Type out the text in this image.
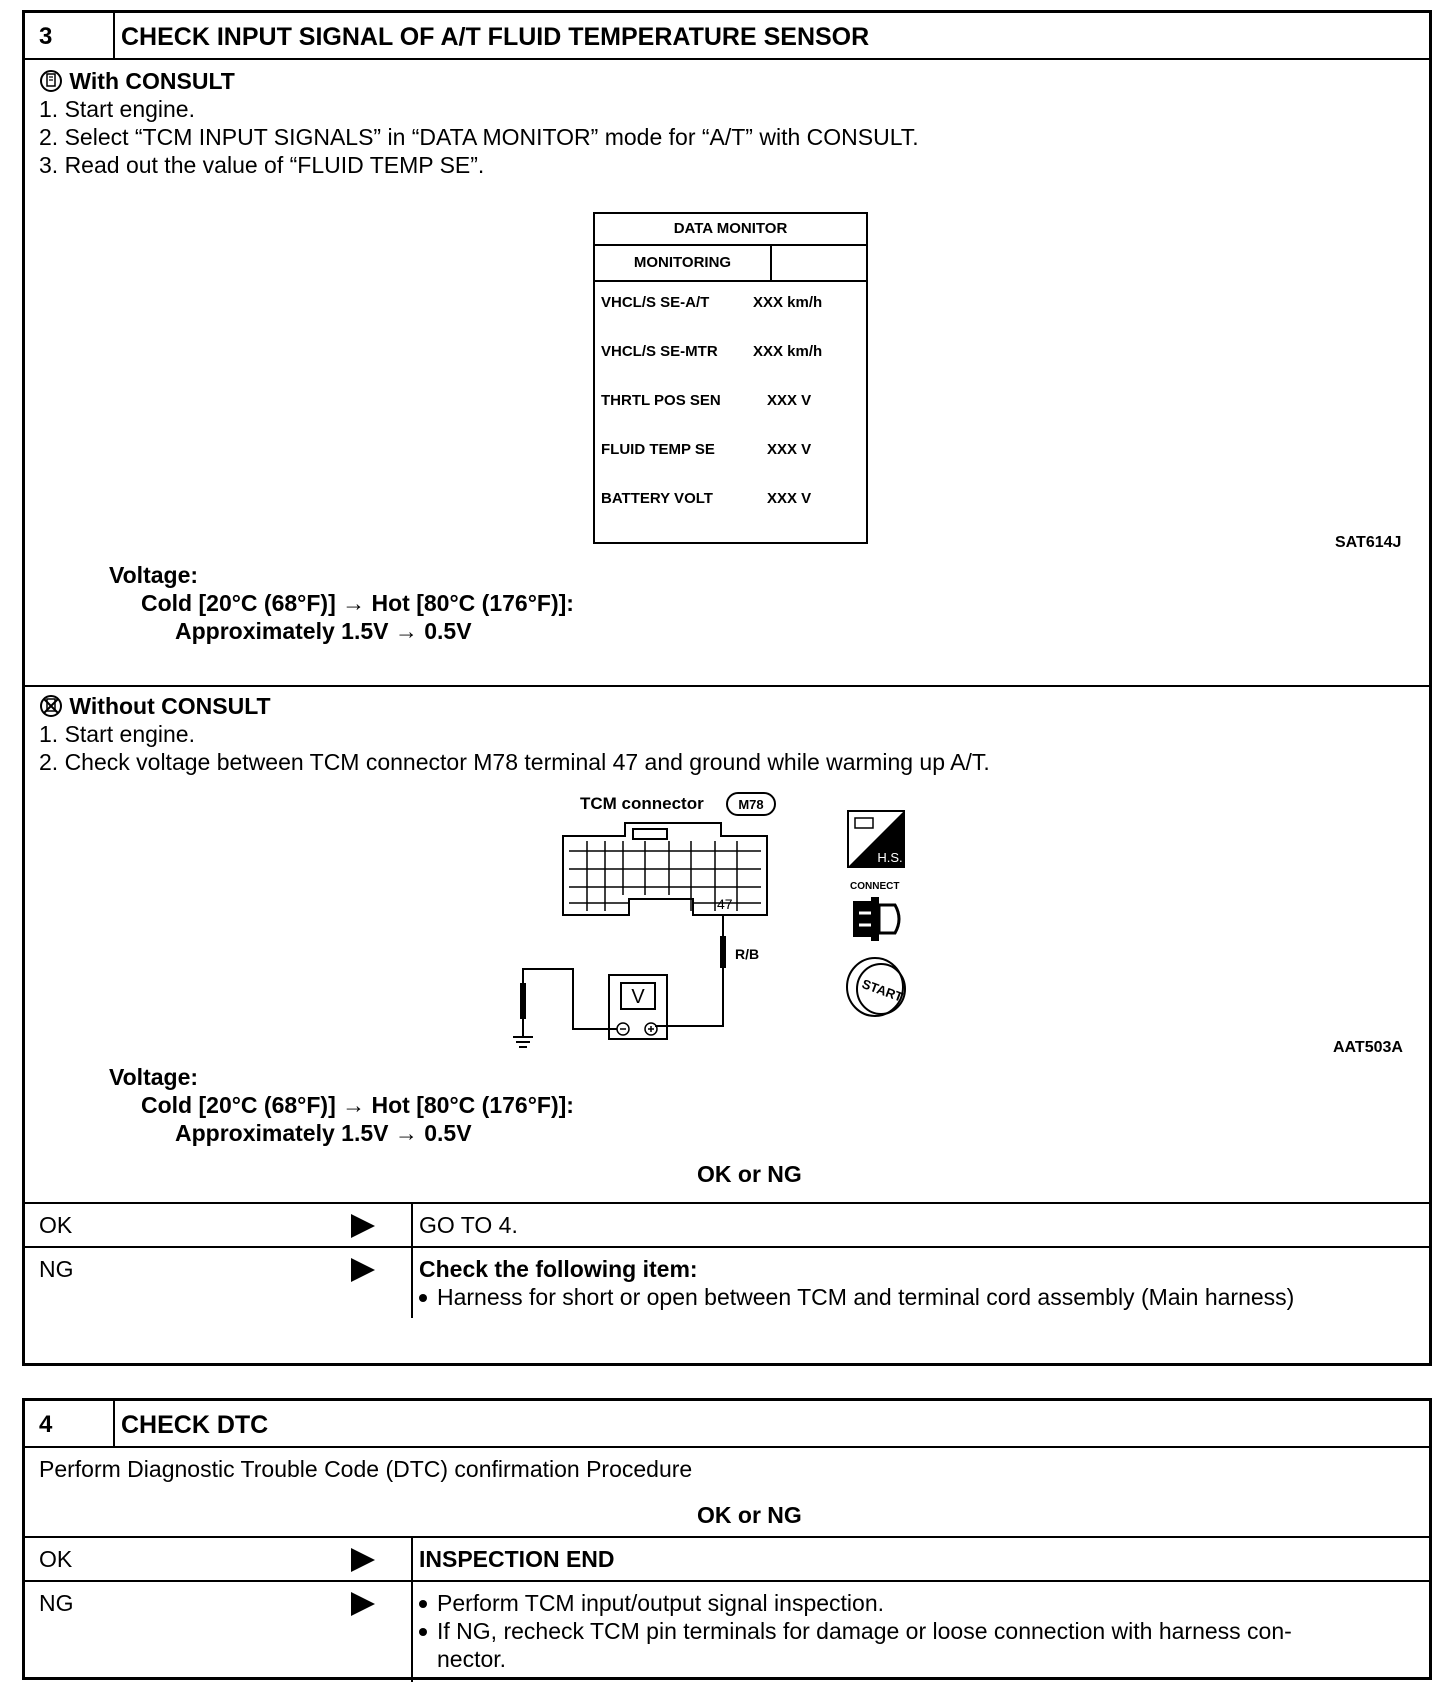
3	CHECK INPUT SIGNAL OF A/T FLUID TEMPERATURE SENSOR
With CONSULT
1. Start engine.
2. Select “TCM INPUT SIGNALS” in “DATA MONITOR” mode for “A/T” with CONSULT.
3. Read out the value of “FLUID TEMP SE”.
DATA MONITOR
MONITORING
VHCL/S SE-A/T	XXX km/h
VHCL/S SE-MTR XXX km/h
THRTL POS SEN	XXX V
FLUID TEMP SE	XXX V
BATTERY VOLT	XXX V
SAT614J
Voltage:
Cold [20°C (68°F)] → Hot [80°C (176°F)]:
Approximately 1.5V → 0.5V
Without CONSULT
1. Start engine.
2. Check voltage between TCM connector M78 terminal 47 and ground while warming up A/T.
TCM connector	M78
47
R/B
V
H.S.
CONNECT
START
AAT503A
Voltage:
Cold [20°C (68°F)] → Hot [80°C (176°F)]:
Approximately 1.5V → 0.5V
OK or NG
OK	GO TO 4.
NG	Check the following item:
Harness for short or open between TCM and terminal cord assembly (Main harness)
4	CHECK DTC
Perform Diagnostic Trouble Code (DTC) confirmation Procedure
OK or NG
OK	INSPECTION END
NG	Perform TCM input/output signal inspection.
If NG, recheck TCM pin terminals for damage or loose connection with harness con-
nector.
